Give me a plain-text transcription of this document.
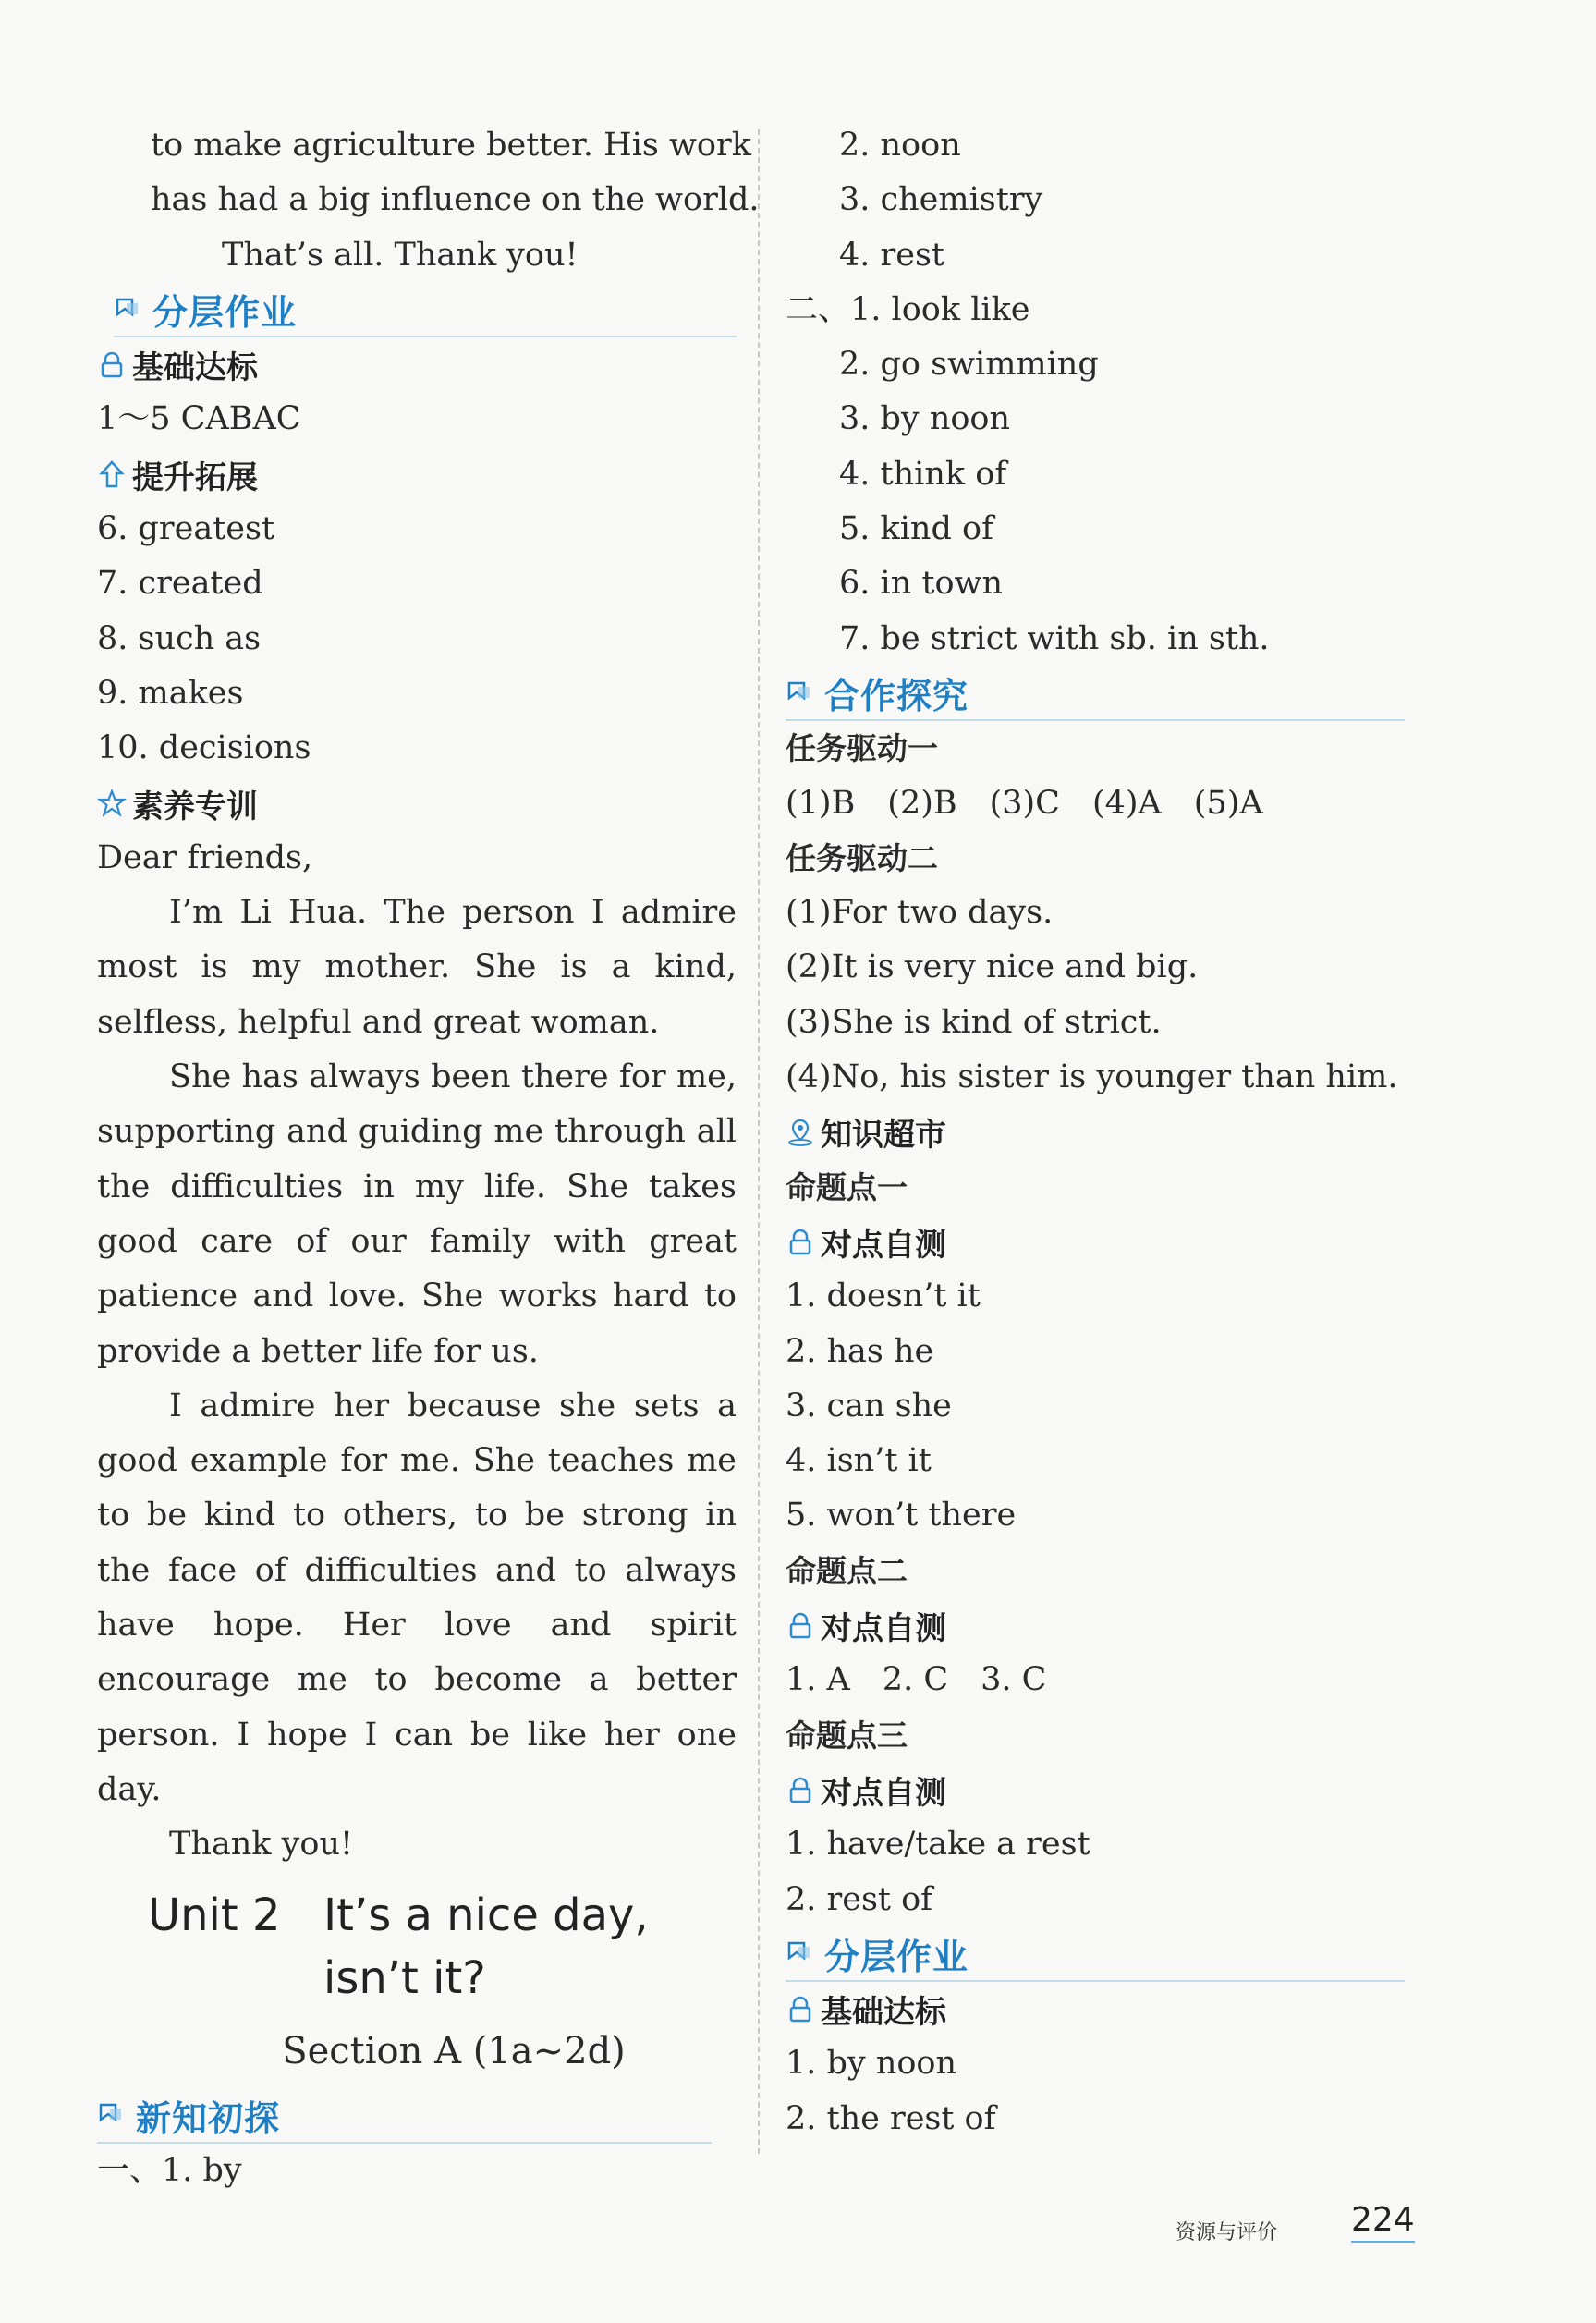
to make agriculture better. His work
has had a big influence on the world.
That’s all. Thank you!
分层作业
基础达标
1～5 CABAC
提升拓展
6. greatest
7. created
8. such as
9. makes
10. decisions
素养专训
Dear friends,

I’m Li Hua. The person I admire most is my mother. She is a kind, selfless, helpful and great woman.

She has always been there for me, supporting and guiding me through all the difficulties in my life. She takes good care of our family with great patience and love. She works hard to provide a better life for us.

I admire her because she sets a good example for me. She teaches me to be kind to others, to be strong in the face of difficulties and to always have hope. Her love and spirit encourage me to become a better person. I hope I can be like her one day.

Thank you!
Unit 2 It’s a nice day,
isn’t it?
Section A (1a~2d)
新知初探
一、1. by
2. noon
3. chemistry
4. rest
二、1. look like
2. go swimming
3. by noon
4. think of
5. kind of
6. in town
7. be strict with sb. in sth.
合作探究
任务驱动一
(1)B　(2)B　(3)C　(4)A　(5)A
任务驱动二
(1)For two days.
(2)It is very nice and big.
(3)She is kind of strict.
(4)No, his sister is younger than him.
知识超市
命题点一
对点自测
1. doesn’t it
2. has he
3. can she
4. isn’t it
5. won’t there
命题点二
对点自测
1. A　2. C　3. C
命题点三
对点自测
1. have/take a rest
2. rest of
分层作业
基础达标
1. by noon
2. the rest of
资源与评价 224
